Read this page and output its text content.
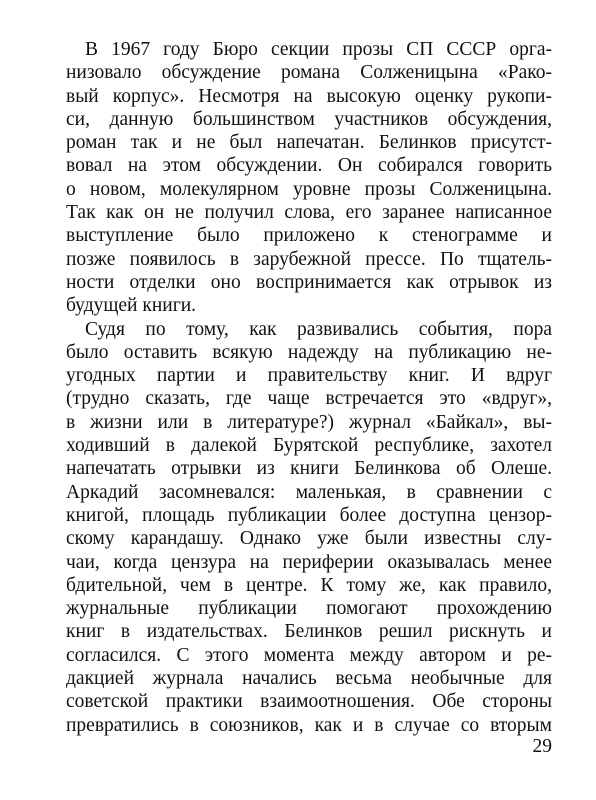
В 1967 году Бюро секции прозы СП СССР орга-
низовало обсуждение романа Солженицына «Рако-
вый корпус». Несмотря на высокую оценку рукопи-
си, данную большинством участников обсуждения,
роман так и не был напечатан. Белинков присутст-
вовал на этом обсуждении. Он собирался говорить
о новом, молекулярном уровне прозы Солженицына.
Так как он не получил слова, его заранее написанное
выступление было приложено к стенограмме и
позже появилось в зарубежной прессе. По тщатель-
ности отделки оно воспринимается как отрывок из
будущей книги.
Судя по тому, как развивались события, пора
было оставить всякую надежду на публикацию не-
угодных партии и правительству книг. И вдруг
(трудно сказать, где чаще встречается это «вдруг»,
в жизни или в литературе?) журнал «Байкал», вы-
ходивший в далекой Бурятской республике, захотел
напечатать отрывки из книги Белинкова об Олеше.
Аркадий засомневался: маленькая, в сравнении с
книгой, площадь публикации более доступна цензор-
скому карандашу. Однако уже были известны слу-
чаи, когда цензура на периферии оказывалась менее
бдительной, чем в центре. К тому же, как правило,
журнальные публикации помогают прохождению
книг в издательствах. Белинков решил рискнуть и
согласился. С этого момента между автором и ре-
дакцией журнала начались весьма необычные для
советской практики взаимоотношения. Обе стороны
превратились в союзников, как и в случае со вторым
29
